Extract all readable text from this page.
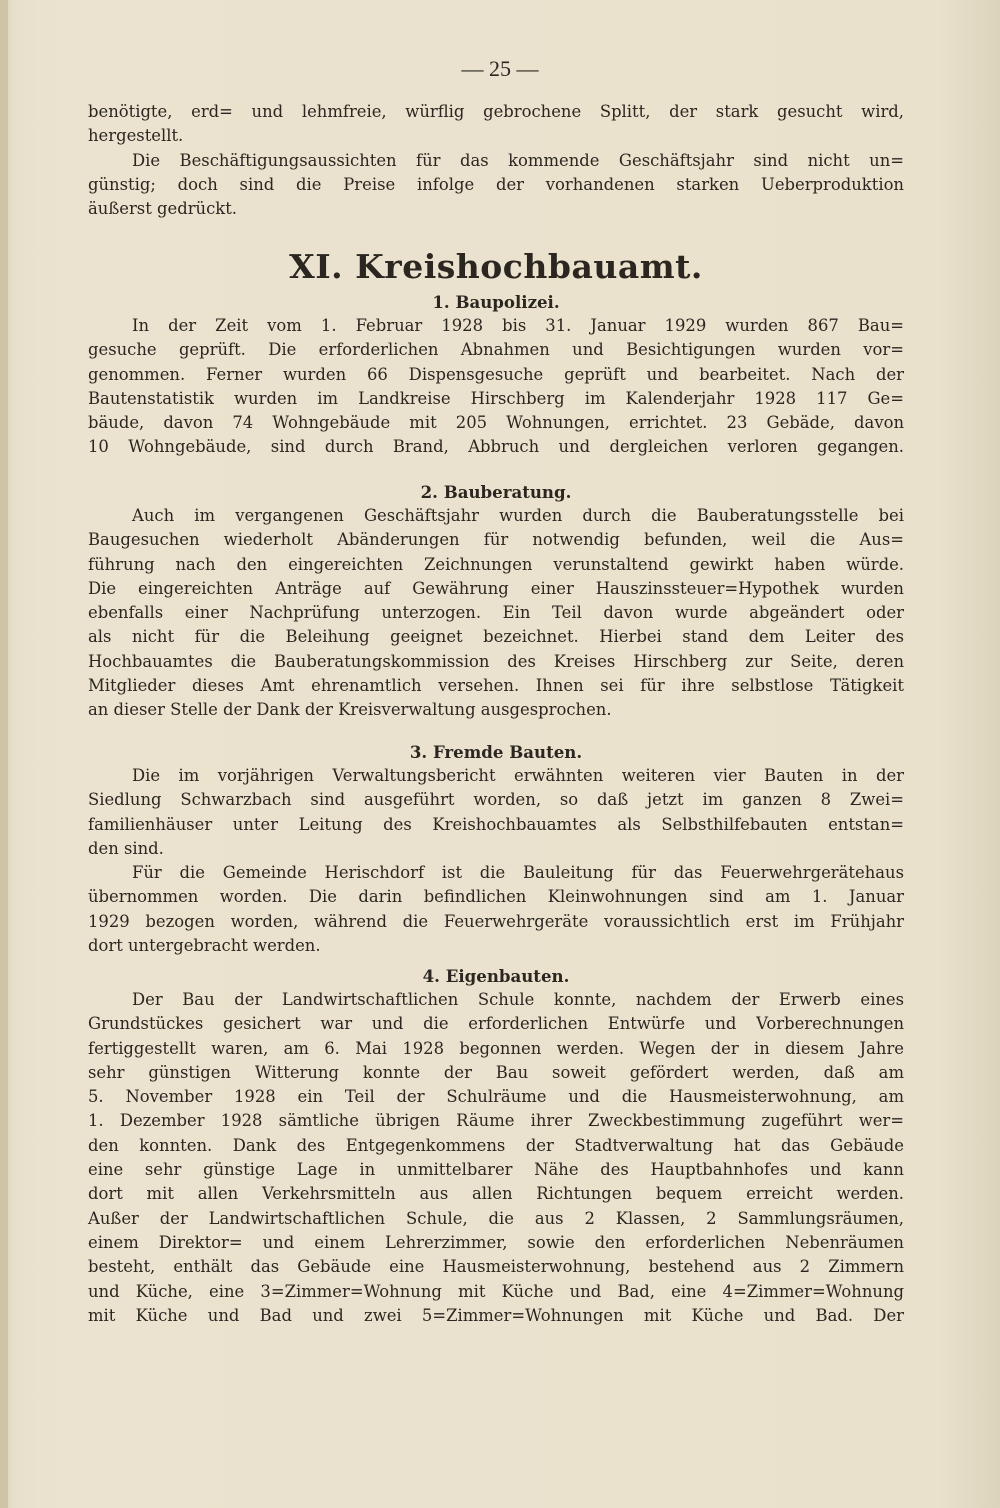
— 25 —
benötigte, erd= und lehmfreie, würflig gebrochene Splitt, der stark gesucht wird,
hergestellt.
Die Beschäftigungsaussichten für das kommende Geschäftsjahr sind nicht un=
günstig; doch sind die Preise infolge der vorhandenen starken Ueberproduktion
äußerst gedrückt.
XI. Kreishochbauamt.
1. Baupolizei.
In der Zeit vom 1. Februar 1928 bis 31. Januar 1929 wurden 867 Bau=
gesuche geprüft. Die erforderlichen Abnahmen und Besichtigungen wurden vor=
genommen. Ferner wurden 66 Dispensgesuche geprüft und bearbeitet. Nach der
Bautenstatistik wurden im Landkreise Hirschberg im Kalenderjahr 1928 117 Ge=
bäude, davon 74 Wohngebäude mit 205 Wohnungen, errichtet. 23 Gebäde, davon
10 Wohngebäude, sind durch Brand, Abbruch und dergleichen verloren gegangen.
2. Bauberatung.
Auch im vergangenen Geschäftsjahr wurden durch die Bauberatungsstelle bei
Baugesuchen wiederholt Abänderungen für notwendig befunden, weil die Aus=
führung nach den eingereichten Zeichnungen verunstaltend gewirkt haben würde.
Die eingereichten Anträge auf Gewährung einer Hauszinssteuer=Hypothek wurden
ebenfalls einer Nachprüfung unterzogen. Ein Teil davon wurde abgeändert oder
als nicht für die Beleihung geeignet bezeichnet. Hierbei stand dem Leiter des
Hochbauamtes die Bauberatungskommission des Kreises Hirschberg zur Seite, deren
Mitglieder dieses Amt ehrenamtlich versehen. Ihnen sei für ihre selbstlose Tätigkeit
an dieser Stelle der Dank der Kreisverwaltung ausgesprochen.
3. Fremde Bauten.
Die im vorjährigen Verwaltungsbericht erwähnten weiteren vier Bauten in der
Siedlung Schwarzbach sind ausgeführt worden, so daß jetzt im ganzen 8 Zwei=
familienhäuser unter Leitung des Kreishochbauamtes als Selbsthilfebauten entstan=
den sind.
Für die Gemeinde Herischdorf ist die Bauleitung für das Feuerwehrgerätehaus
übernommen worden. Die darin befindlichen Kleinwohnungen sind am 1. Januar
1929 bezogen worden, während die Feuerwehrgeräte voraussichtlich erst im Frühjahr
dort untergebracht werden.
4. Eigenbauten.
Der Bau der Landwirtschaftlichen Schule konnte, nachdem der Erwerb eines
Grundstückes gesichert war und die erforderlichen Entwürfe und Vorberechnungen
fertiggestellt waren, am 6. Mai 1928 begonnen werden. Wegen der in diesem Jahre
sehr günstigen Witterung konnte der Bau soweit gefördert werden, daß am
5. November 1928 ein Teil der Schulräume und die Hausmeisterwohnung, am
1. Dezember 1928 sämtliche übrigen Räume ihrer Zweckbestimmung zugeführt wer=
den konnten. Dank des Entgegenkommens der Stadtverwaltung hat das Gebäude
eine sehr günstige Lage in unmittelbarer Nähe des Hauptbahnhofes und kann
dort mit allen Verkehrsmitteln aus allen Richtungen bequem erreicht werden.
Außer der Landwirtschaftlichen Schule, die aus 2 Klassen, 2 Sammlungsräumen,
einem Direktor= und einem Lehrerzimmer, sowie den erforderlichen Nebenräumen
besteht, enthält das Gebäude eine Hausmeisterwohnung, bestehend aus 2 Zimmern
und Küche, eine 3=Zimmer=Wohnung mit Küche und Bad, eine 4=Zimmer=Wohnung
mit Küche und Bad und zwei 5=Zimmer=Wohnungen mit Küche und Bad. Der
